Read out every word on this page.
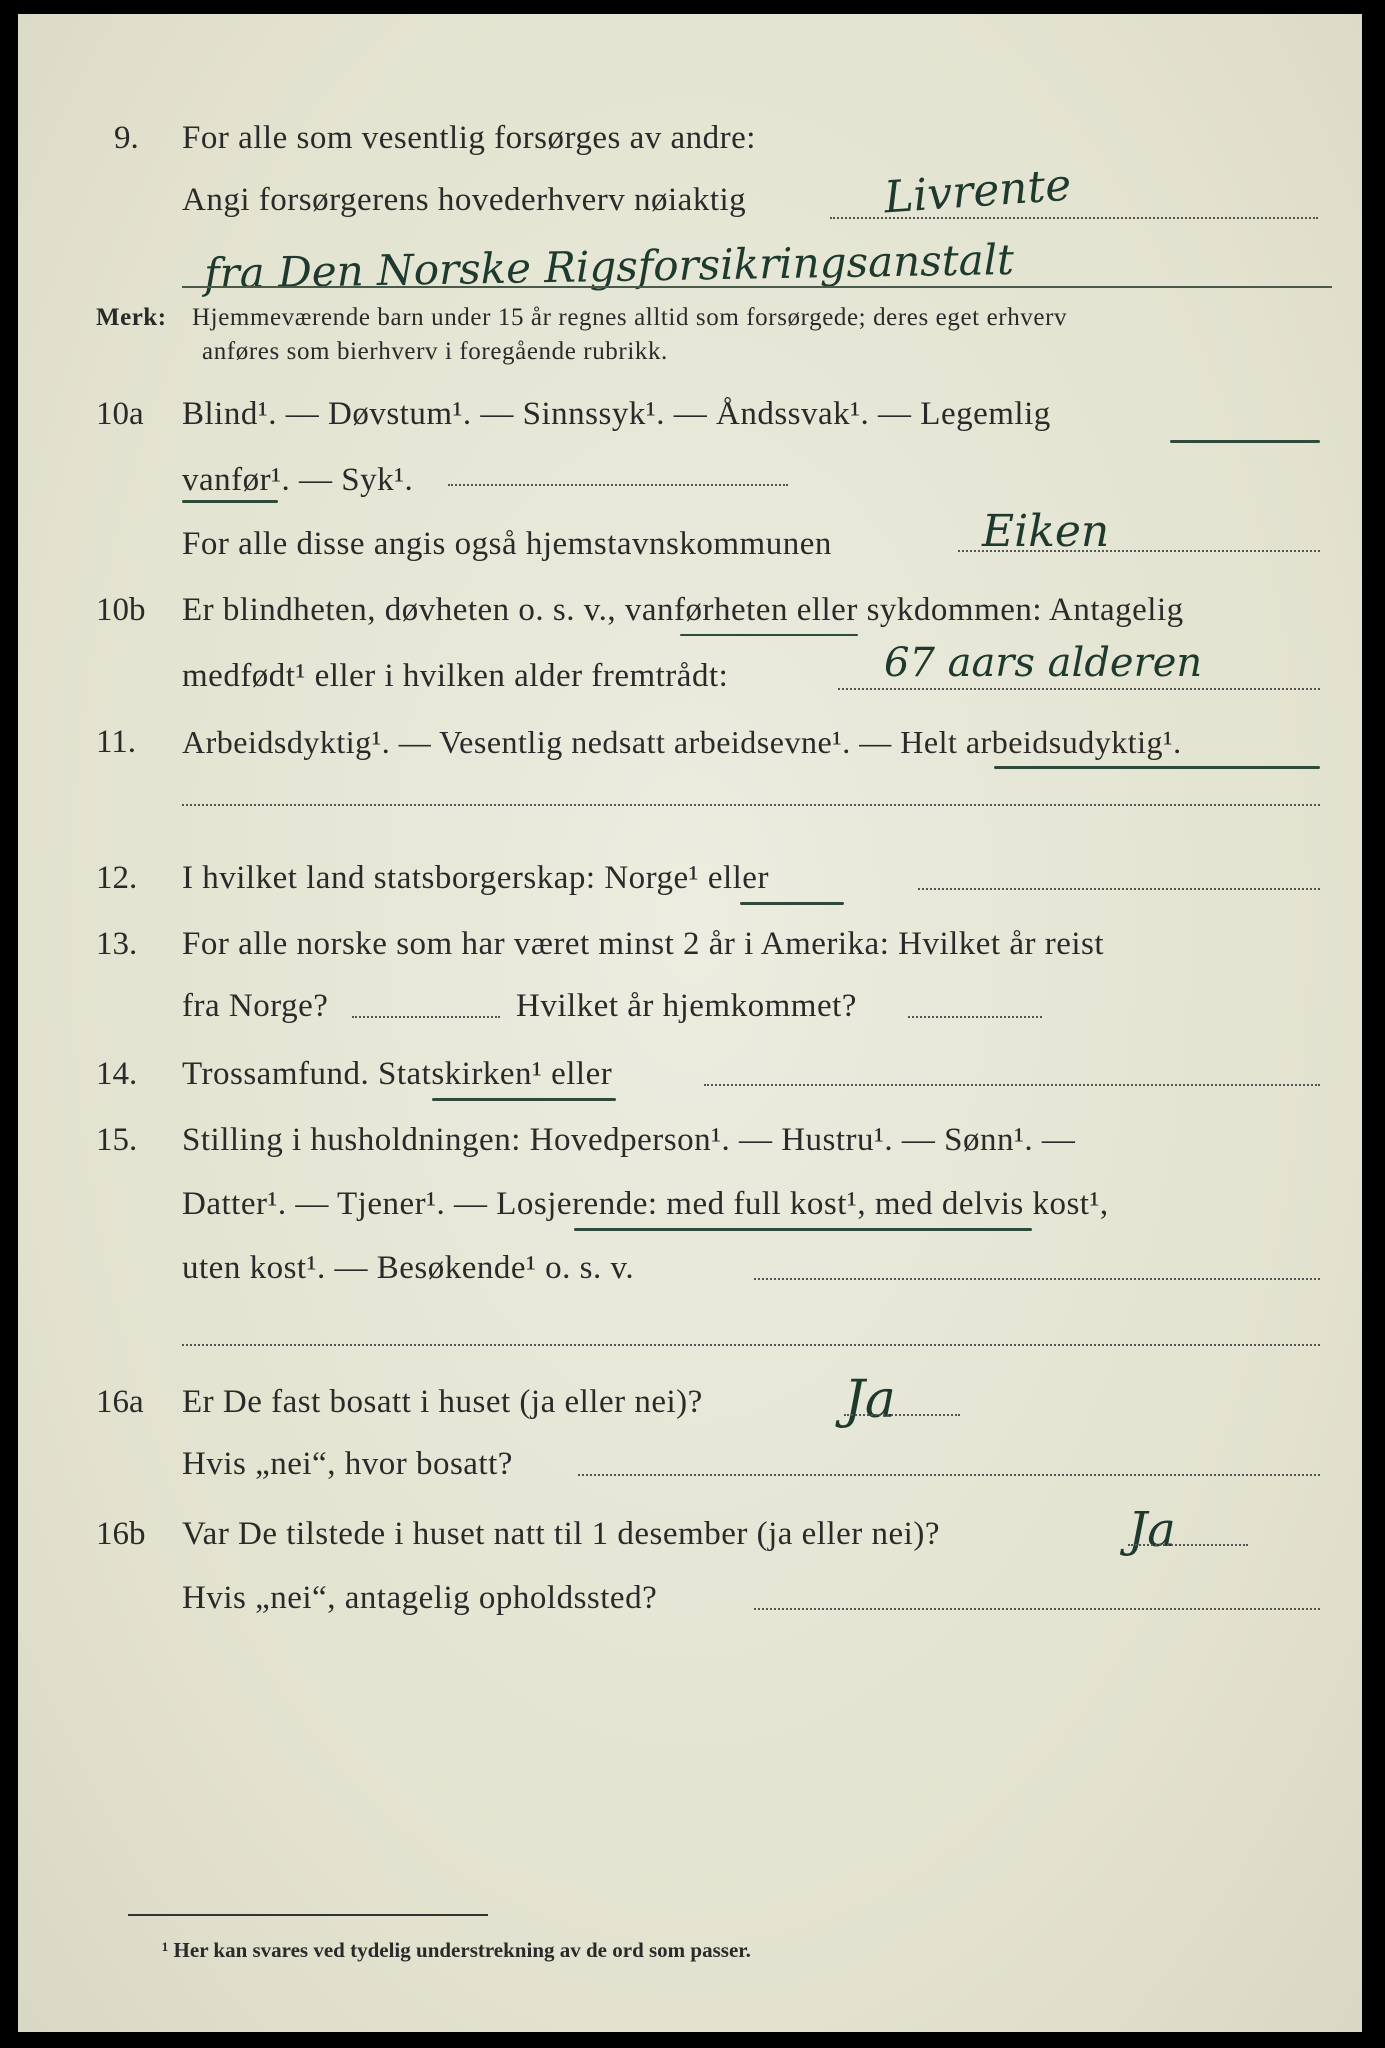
9. For alle som vesentlig forsørges av andre:
Angi forsørgerens hovederhverv nøiaktig	Livrente
fra Den Norske Rigsforsikringsanstalt
Merk: Hjemmeværende barn under 15 år regnes alltid som forsørgede; deres eget erhverv
anføres som bierhverv i foregående rubrikk.
10a Blind¹. — Døvstum¹. — Sinnssyk¹. — Åndssvak¹. — Legemlig
vanfør¹. — Syk¹.
For alle disse angis også hjemstavnskommunen	Eiken
10b Er blindheten, døvheten o. s. v., vanførheten eller sykdommen: Antagelig
medfødt¹ eller i hvilken alder fremtrådt:	67 aars alderen
11. Arbeidsdyktig¹. — Vesentlig nedsatt arbeidsevne¹. — Helt arbeidsudyktig¹.
12. I hvilket land statsborgerskap: Norge¹ eller
13. For alle norske som har været minst 2 år i Amerika: Hvilket år reist
fra Norge?	Hvilket år hjemkommet?
14. Trossamfund. Statskirken¹ eller
15. Stilling i husholdningen: Hovedperson¹. — Hustru¹. — Sønn¹. —
Datter¹. — Tjener¹. — Losjerende: med full kost¹, med delvis kost¹,
uten kost¹. — Besøkende¹ o. s. v.
16a Er De fast bosatt i huset (ja eller nei)?	Ja
Hvis „nei“, hvor bosatt?
16b Var De tilstede i huset natt til 1 desember (ja eller nei)?	Ja
Hvis „nei“, antagelig opholdssted?
¹ Her kan svares ved tydelig understrekning av de ord som passer.
